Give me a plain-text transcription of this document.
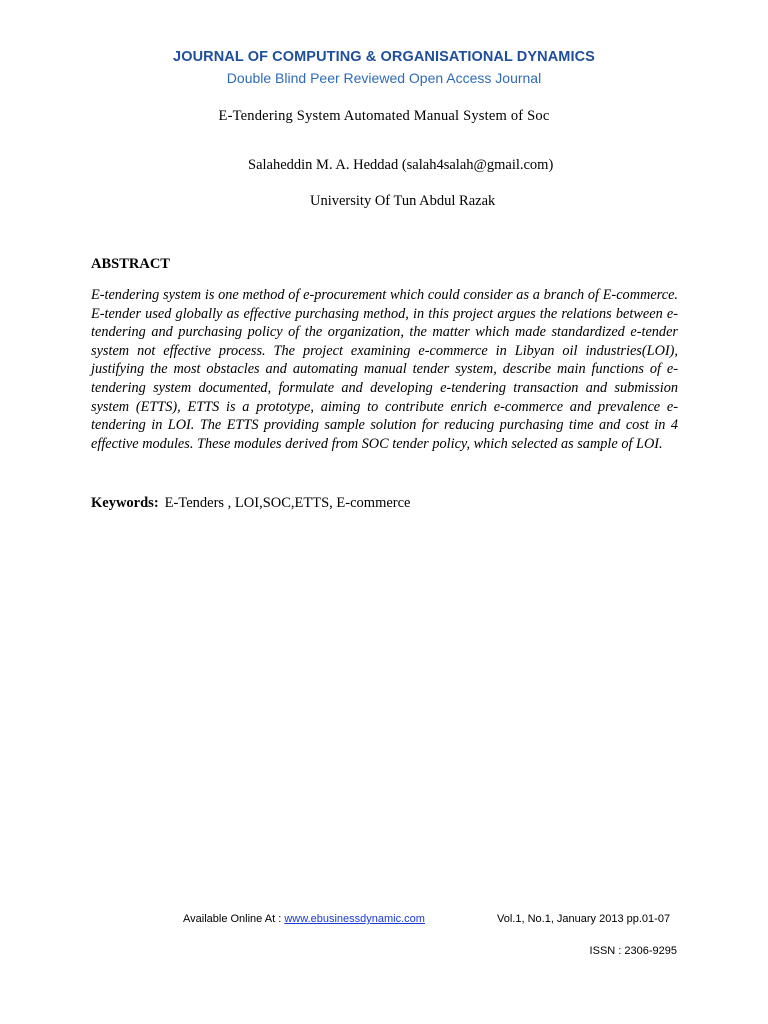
JOURNAL OF COMPUTING & ORGANISATIONAL DYNAMICS
Double Blind Peer Reviewed Open Access Journal
E-Tendering System Automated Manual System of Soc
Salaheddin M. A. Heddad (salah4salah@gmail.com)
University Of Tun Abdul Razak
ABSTRACT

E-tendering system is one method of e-procurement which could consider as a branch of E-commerce. E-tender used globally as effective purchasing method, in this project argues the relations between e-tendering and purchasing policy of the organization, the matter which made standardized e-tender system not effective process. The project examining e-commerce in Libyan oil industries(LOI), justifying the most obstacles and automating manual tender system, describe main functions of e-tendering system documented, formulate and developing e-tendering transaction and submission system (ETTS), ETTS is a prototype, aiming to contribute enrich e-commerce and prevalence e-tendering in LOI. The ETTS providing sample solution for reducing purchasing time and cost in 4 effective modules. These modules derived from SOC tender policy, which selected as sample of LOI.

Keywords: E-Tenders , LOI,SOC,ETTS, E-commerce
Available Online At : www.ebusinessdynamic.com	Vol.1, No.1, January 2013 pp.01-07
ISSN : 2306-9295
